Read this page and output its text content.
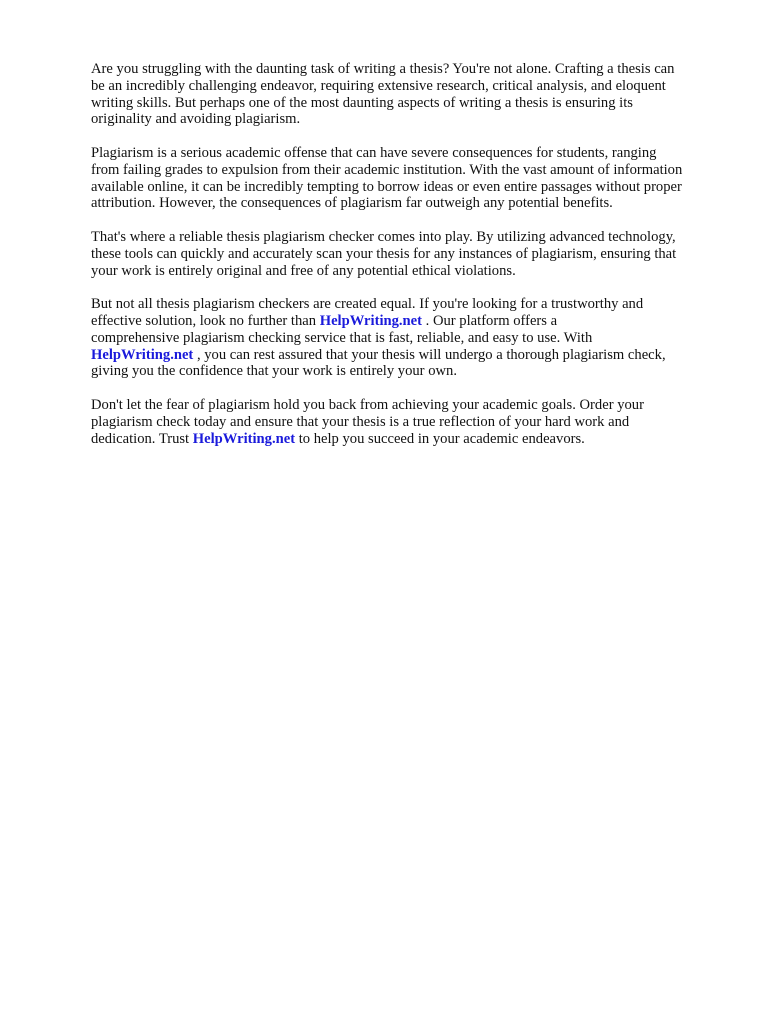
Are you struggling with the daunting task of writing a thesis? You're not alone. Crafting a thesis can
be an incredibly challenging endeavor, requiring extensive research, critical analysis, and eloquent
writing skills. But perhaps one of the most daunting aspects of writing a thesis is ensuring its
originality and avoiding plagiarism.

Plagiarism is a serious academic offense that can have severe consequences for students, ranging
from failing grades to expulsion from their academic institution. With the vast amount of information
available online, it can be incredibly tempting to borrow ideas or even entire passages without proper
attribution. However, the consequences of plagiarism far outweigh any potential benefits.

That's where a reliable thesis plagiarism checker comes into play. By utilizing advanced technology,
these tools can quickly and accurately scan your thesis for any instances of plagiarism, ensuring that
your work is entirely original and free of any potential ethical violations.

But not all thesis plagiarism checkers are created equal. If you're looking for a trustworthy and
effective solution, look no further than HelpWriting.net . Our platform offers a
comprehensive plagiarism checking service that is fast, reliable, and easy to use. With
HelpWriting.net , you can rest assured that your thesis will undergo a thorough plagiarism check,
giving you the confidence that your work is entirely your own.

Don't let the fear of plagiarism hold you back from achieving your academic goals. Order your
plagiarism check today and ensure that your thesis is a true reflection of your hard work and
dedication. Trust HelpWriting.net to help you succeed in your academic endeavors.
